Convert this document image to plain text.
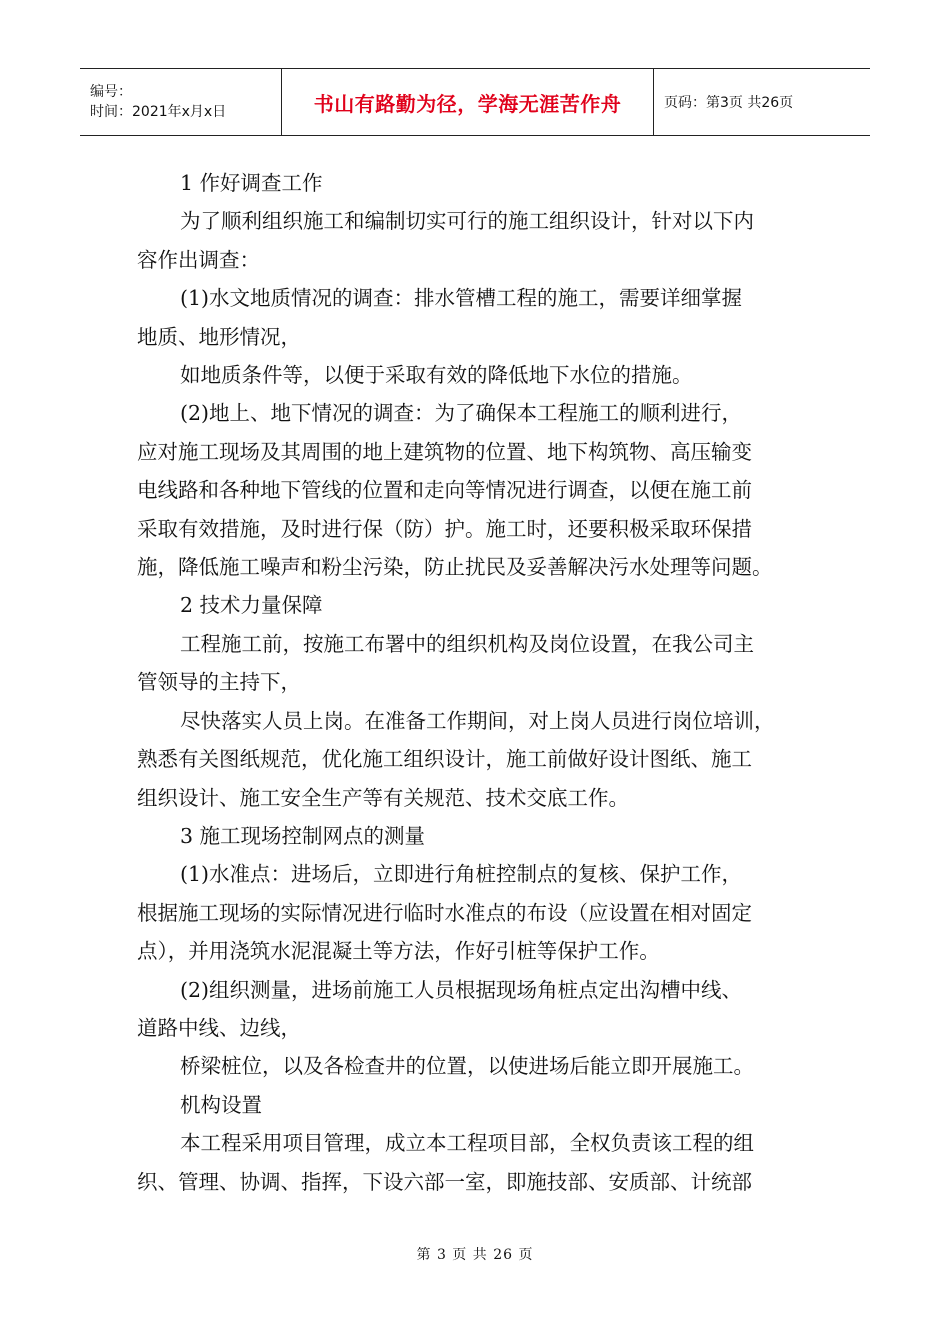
编号：
时间：2021年x月x日	书山有路勤为径，学海无涯苦作舟	页码：第3页 共26页

1 作好调查工作

为了顺利组织施工和编制切实可行的施工组织设计，针对以下内

容作出调查：

(1)水文地质情况的调查：排水管槽工程的施工，需要详细掌握

地质、地形情况，

如地质条件等，以便于采取有效的降低地下水位的措施。

(2)地上、地下情况的调查：为了确保本工程施工的顺利进行，

应对施工现场及其周围的地上建筑物的位置、地下构筑物、高压输变

电线路和各种地下管线的位置和走向等情况进行调查，以便在施工前

采取有效措施，及时进行保（防）护。施工时，还要积极采取环保措

施，降低施工噪声和粉尘污染，防止扰民及妥善解决污水处理等问题。

2 技术力量保障

工程施工前，按施工布署中的组织机构及岗位设置，在我公司主

管领导的主持下，

尽快落实人员上岗。在准备工作期间，对上岗人员进行岗位培训，

熟悉有关图纸规范，优化施工组织设计，施工前做好设计图纸、施工

组织设计、施工安全生产等有关规范、技术交底工作。

3 施工现场控制网点的测量

(1)水准点：进场后，立即进行角桩控制点的复核、保护工作，

根据施工现场的实际情况进行临时水准点的布设（应设置在相对固定

点），并用浇筑水泥混凝土等方法，作好引桩等保护工作。

(2)组织测量，进场前施工人员根据现场角桩点定出沟槽中线、

道路中线、边线，

桥梁桩位，以及各检查井的位置，以使进场后能立即开展施工。

机构设置

本工程采用项目管理，成立本工程项目部，全权负责该工程的组

织、管理、协调、指挥，下设六部一室，即施技部、安质部、计统部

第 3 页 共 26 页
